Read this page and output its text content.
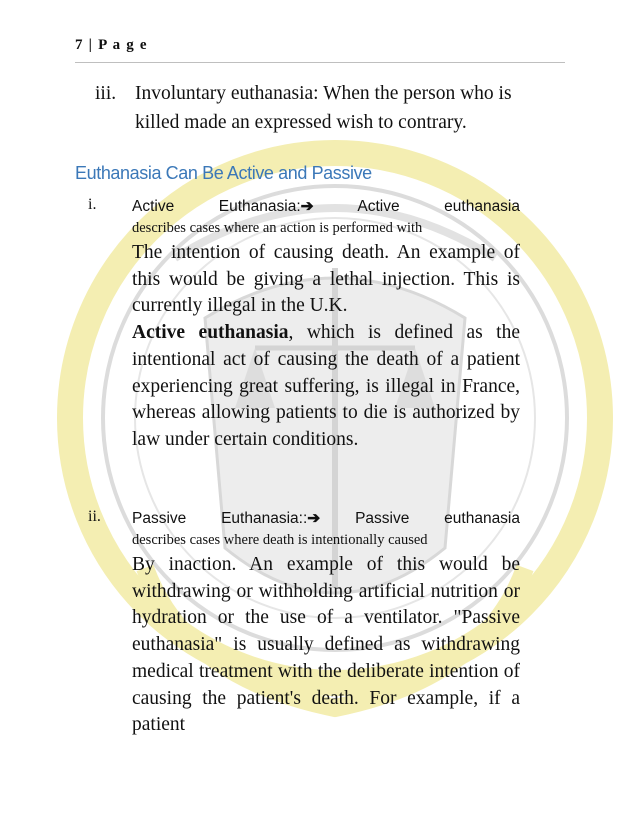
7 | P a g e
iii. Involuntary euthanasia: When the person who is killed made an expressed wish to contrary.
Euthanasia Can Be Active and Passive
i. Active Euthanasia:➔	Active euthanasia
describes cases where an action is performed with
The intention of causing death. An example of this would be giving a lethal injection. This is currently illegal in the U.K.
Active euthanasia, which is defined as the intentional act of causing the death of a patient experiencing great suffering, is illegal in France, whereas allowing patients to die is authorized by law under certain conditions.
ii. Passive Euthanasia::➔ Passive euthanasia
describes cases where death is intentionally caused
By inaction. An example of this would be withdrawing or withholding artificial nutrition or hydration or the use of a ventilator. "Passive euthanasia" is usually defined as withdrawing medical treatment with the deliberate intention of causing the patient's death. For example, if a patient
